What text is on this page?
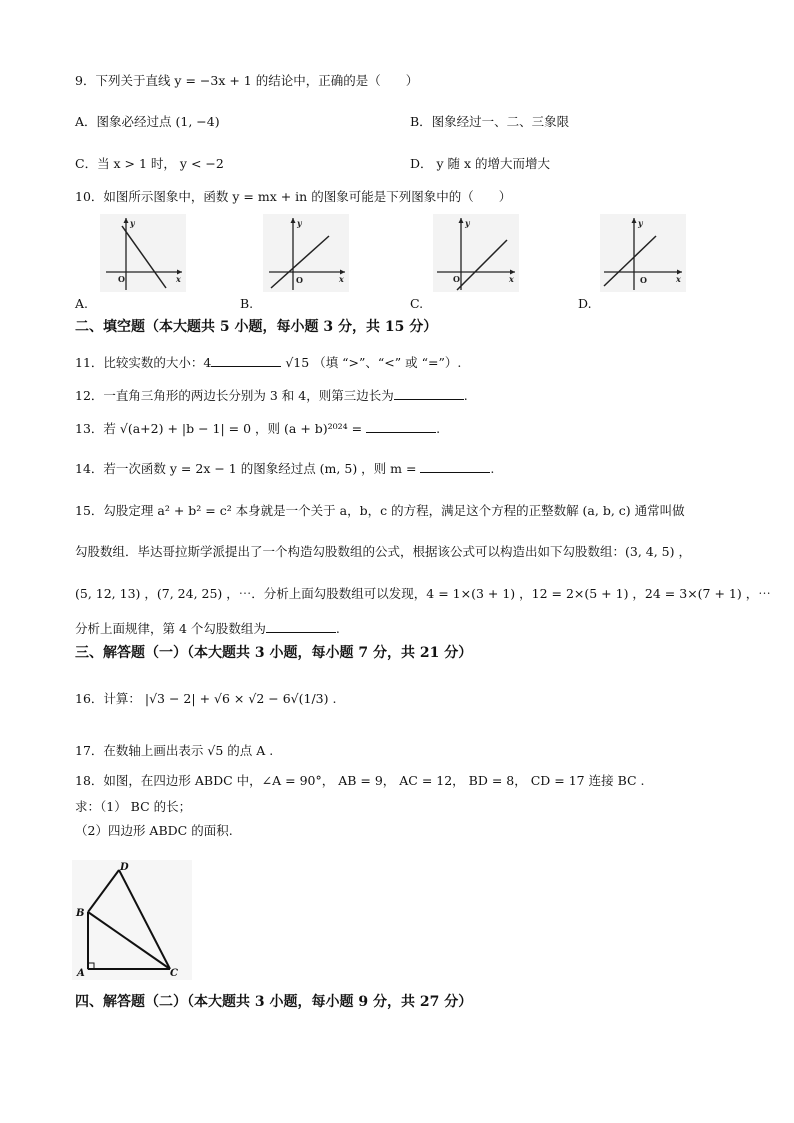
9．下列关于直线 y = −3x + 1 的结论中，正确的是（　　）
A．图象必经过点 (1, −4)	B．图象经过一、二、三象限
C．当 x > 1 时， y < −2	D． y 随 x 的增大而增大
10．如图所示图象中，函数 y = mx + in 的图象可能是下列图象中的（　　）
y
x
O
y
x
O
y
x
O
y
x
O
A.	B.	C.	D.
二、填空题（本大题共 5 小题，每小题 3 分，共 15 分）
11．比较实数的大小：4	√15 （填 “>”、“<” 或 “=”）.
12．一直角三角形的两边长分别为 3 和 4，则第三边长为	.
13．若 √(a+2) + |b − 1| = 0 ，则 (a + b)²⁰²⁴ =	.
14．若一次函数 y = 2x − 1 的图象经过点 (m, 5) ，则 m =	.
15．勾股定理 a² + b² = c² 本身就是一个关于 a，b，c 的方程，满足这个方程的正整数解 (a, b, c) 通常叫做
勾股数组．毕达哥拉斯学派提出了一个构造勾股数组的公式，根据该公式可以构造出如下勾股数组：(3, 4, 5) ，
(5, 12, 13) ，(7, 24, 25) ，⋯．分析上面勾股数组可以发现，4 = 1×(3 + 1) ，12 = 2×(5 + 1) ，24 = 3×(7 + 1) ，⋯
分析上面规律，第 4 个勾股数组为	.
三、解答题（一）（本大题共 3 小题，每小题 7 分，共 21 分）
16．计算： |√3 − 2| + √6 × √2 − 6√(1/3) .
17．在数轴上画出表示 √5 的点 A .
18．如图，在四边形 ABDC 中，∠A = 90°， AB = 9， AC = 12， BD = 8， CD = 17 连接 BC .
求：（1） BC 的长；
（2）四边形 ABDC 的面积.
A
B
C
D
四、解答题（二）（本大题共 3 小题，每小题 9 分，共 27 分）
